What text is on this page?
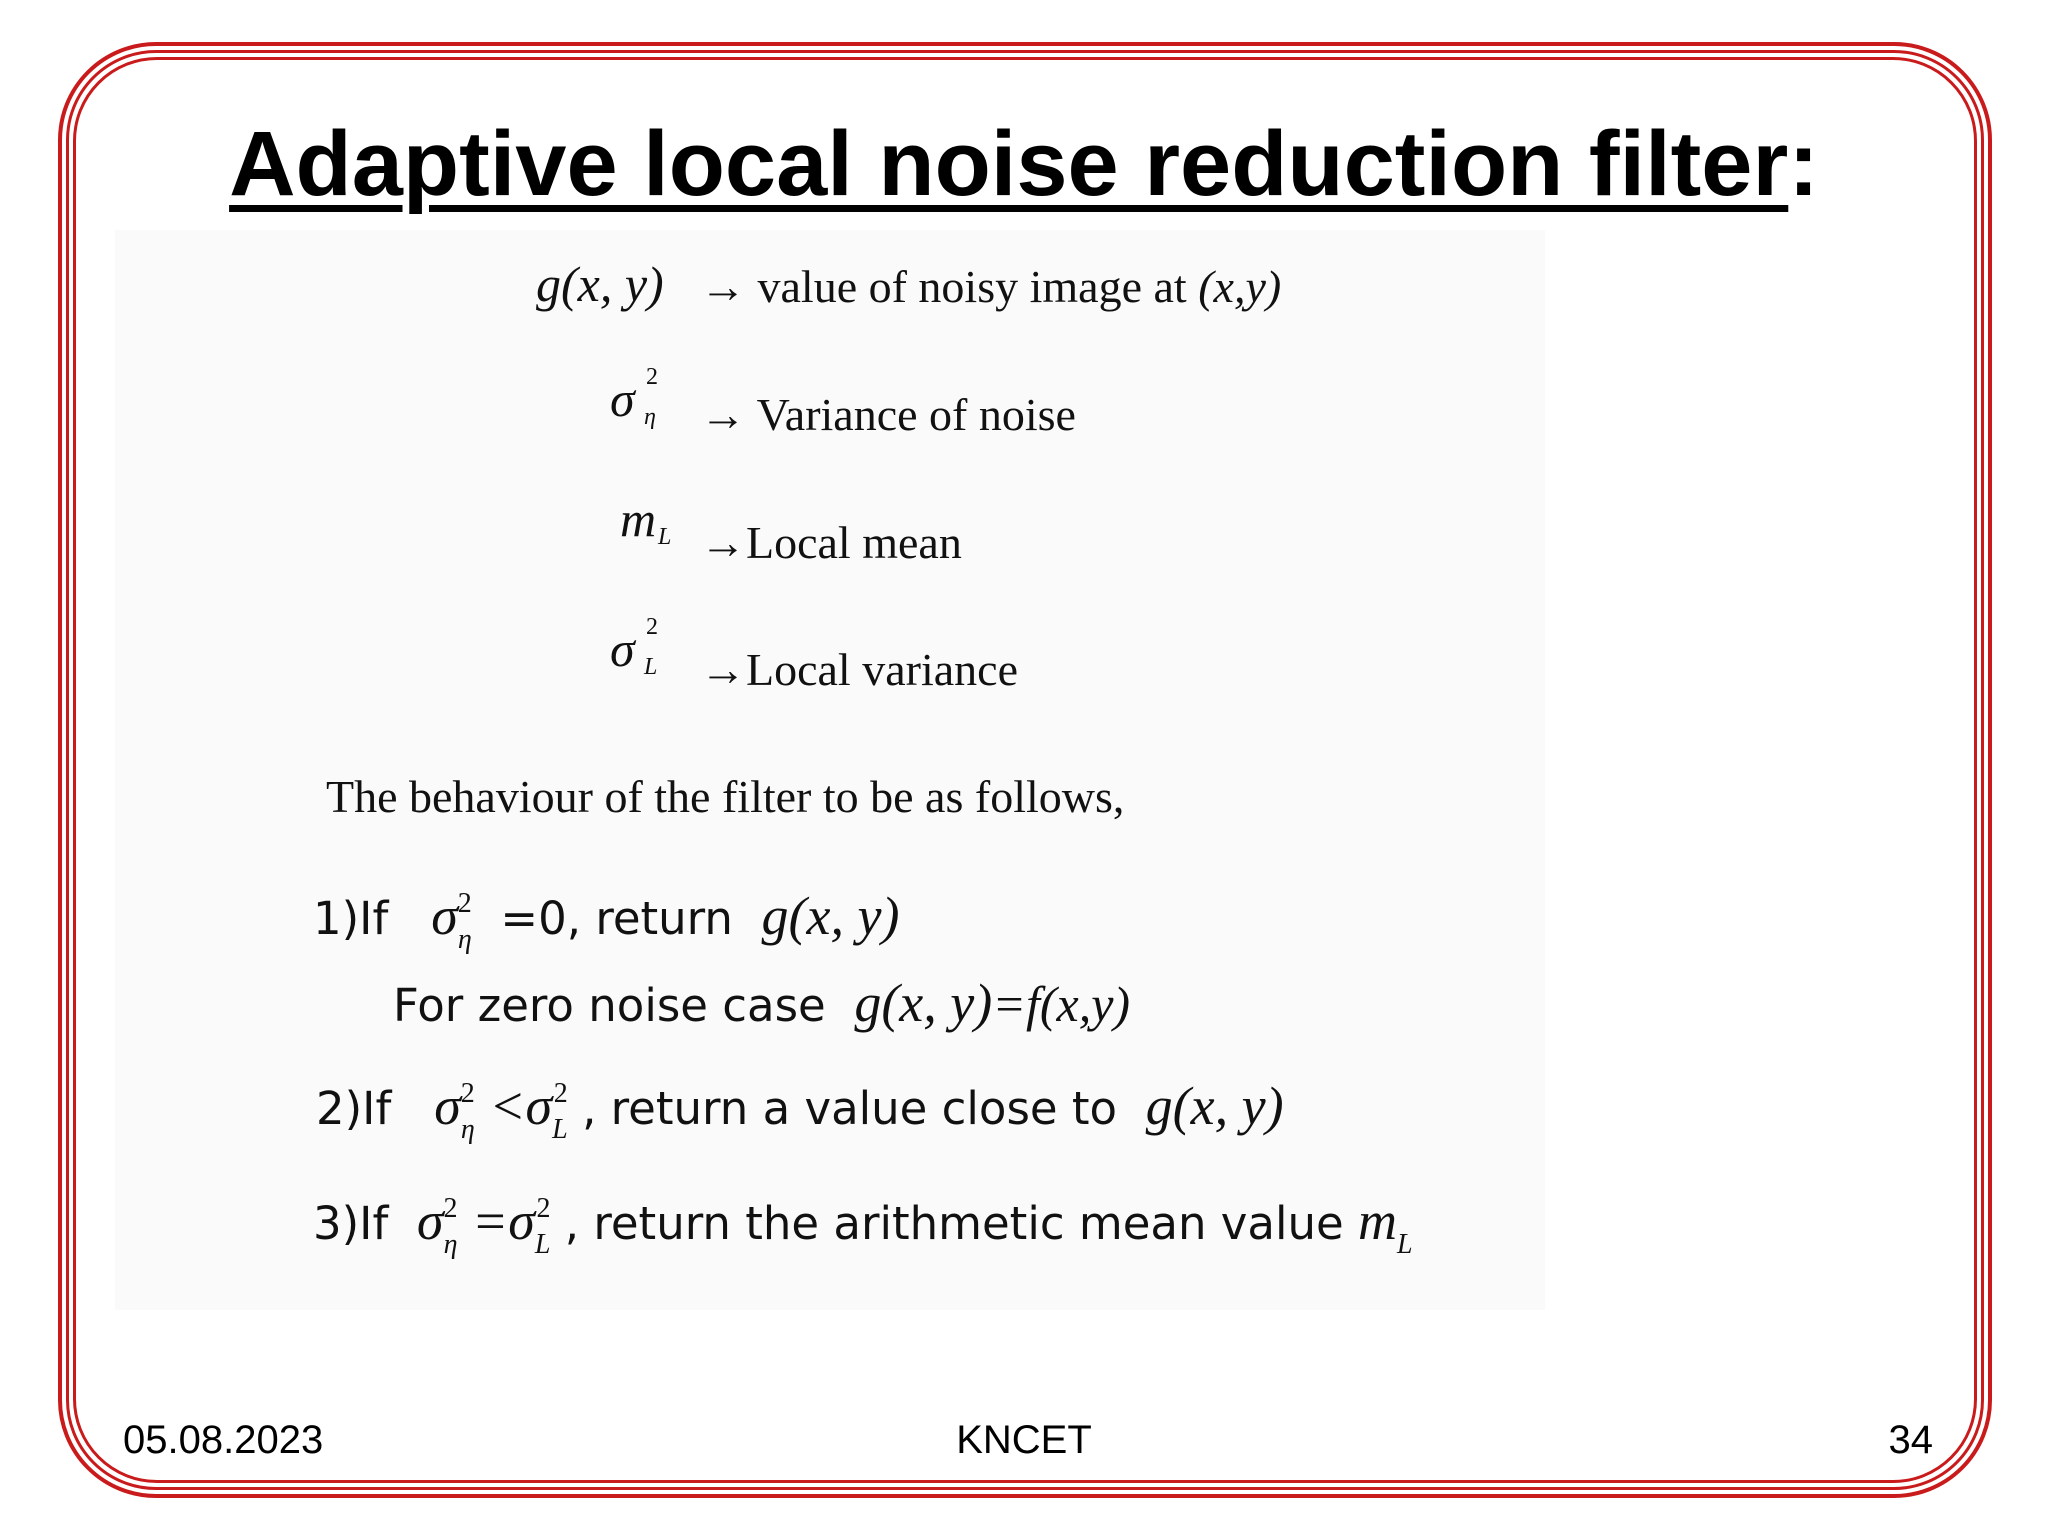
Adaptive local noise reduction filter:
g(x, y) → value of noisy image at (x,y)
σ 2
η → Variance of noise
m L →Local mean
σ 2
L →Local variance
The behaviour of the filter to be as follows,
1)If $\sigma_\eta^2 =0$, return g(x, y)
For zero noise case g(x, y)=f(x,y)
2)If $\sigma_\eta^2 <\sigma_L^2$ , return a value close to g(x, y)
3)If $\sigma_\eta^2 =\sigma_L^2$ , return the arithmetic mean value $m_L$
05.08.2023	KNCET	34
